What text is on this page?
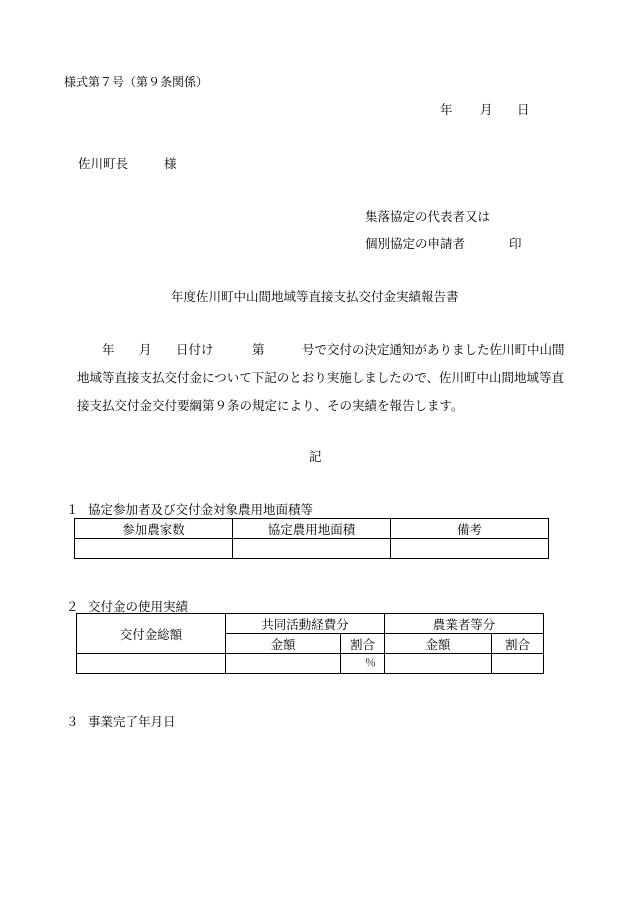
様式第７号（第９条関係）
年 月 日
佐川町長	様
集落協定の代表者又は
個別協定の申請者	印
年度佐川町中山間地域等直接支払交付金実績報告書
年 月 日付け	第	号で交付の決定通知がありました佐川町中山間
地域等直接支払交付金について下記のとおり実施しましたので、佐川町中山間地域等直
接支払交付金交付要綱第９条の規定により、その実績を報告します。
記
１ 協定参加者及び交付金対象農用地面積等
参加農家数	協定農用地面積	備考

２ 交付金の使用実績
交付金総額	共同活動経費分		農業者等分	
	金額	割合	金額	割合
		％		
３ 事業完了年月日
